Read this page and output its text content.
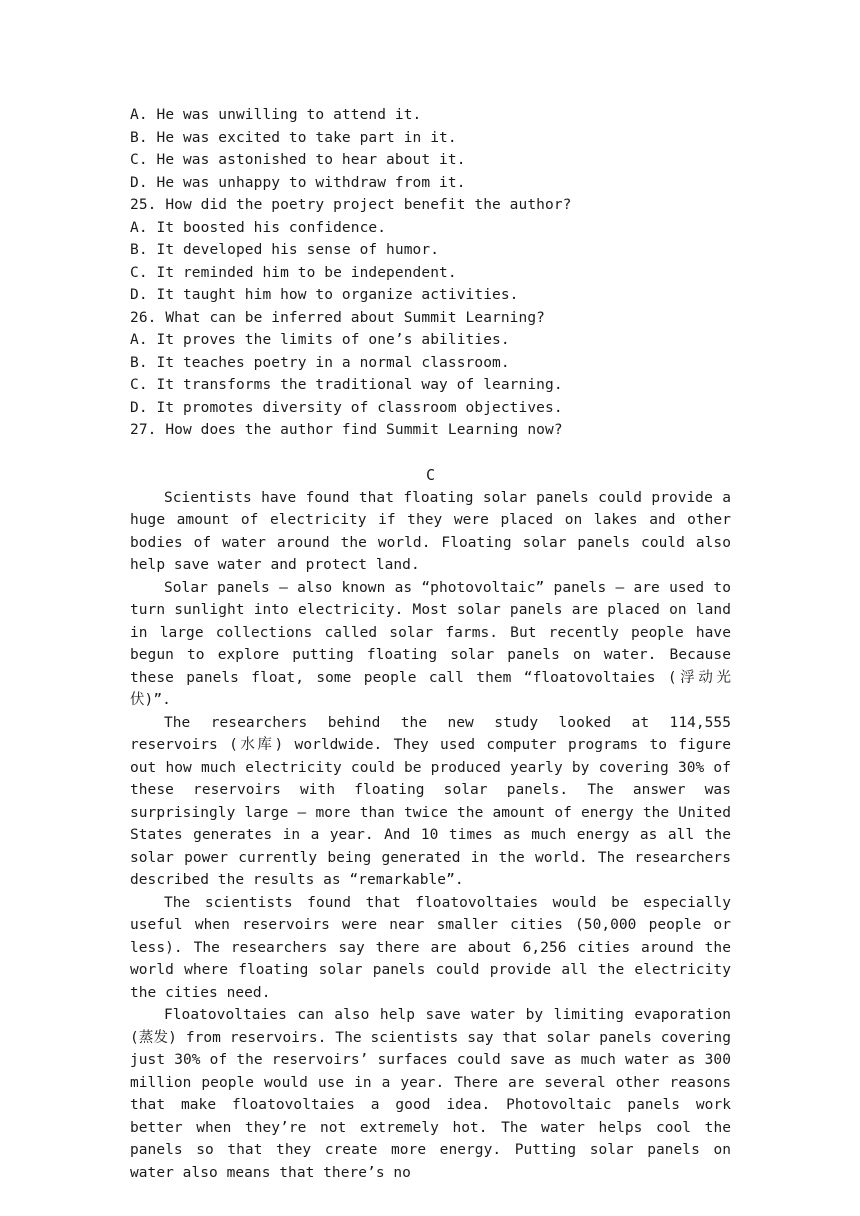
A. He was unwilling to attend it.
B. He was excited to take part in it.
C. He was astonished to hear about it.
D. He was unhappy to withdraw from it.
25. How did the poetry project benefit the author?
A. It boosted his confidence.
B. It developed his sense of humor.
C. It reminded him to be independent.
D. It taught him how to organize activities.
26. What can be inferred about Summit Learning?
A. It proves the limits of one’s abilities.
B. It teaches poetry in a normal classroom.
C. It transforms the traditional way of learning.
D. It promotes diversity of classroom objectives.
27. How does the author find Summit Learning now?
C

Scientists have found that floating solar panels could provide a huge amount of electricity if they were placed on lakes and other bodies of water around the world. Floating solar panels could also help save water and protect land.

Solar panels — also known as “photovoltaic” panels — are used to turn sunlight into electricity. Most solar panels are placed on land in large collections called solar farms. But recently people have begun to explore putting floating solar panels on water. Because these panels float, some people call them “floatovoltaies (浮动光伏)”.

The researchers behind the new study looked at 114,555 reservoirs (水库) worldwide. They used computer programs to figure out how much electricity could be produced yearly by covering 30% of these reservoirs with floating solar panels. The answer was surprisingly large — more than twice the amount of energy the United States generates in a year. And 10 times as much energy as all the solar power currently being generated in the world. The researchers described the results as “remarkable”.

The scientists found that floatovoltaies would be especially useful when reservoirs were near smaller cities (50,000 people or less). The researchers say there are about 6,256 cities around the world where floating solar panels could provide all the electricity the cities need.

Floatovoltaies can also help save water by limiting evaporation (蒸发) from reservoirs. The scientists say that solar panels covering just 30% of the reservoirs’ surfaces could save as much water as 300 million people would use in a year. There are several other reasons that make floatovoltaies a good idea. Photovoltaic panels work better when they’re not extremely hot. The water helps cool the panels so that they create more energy. Putting solar panels on water also means that there’s no
